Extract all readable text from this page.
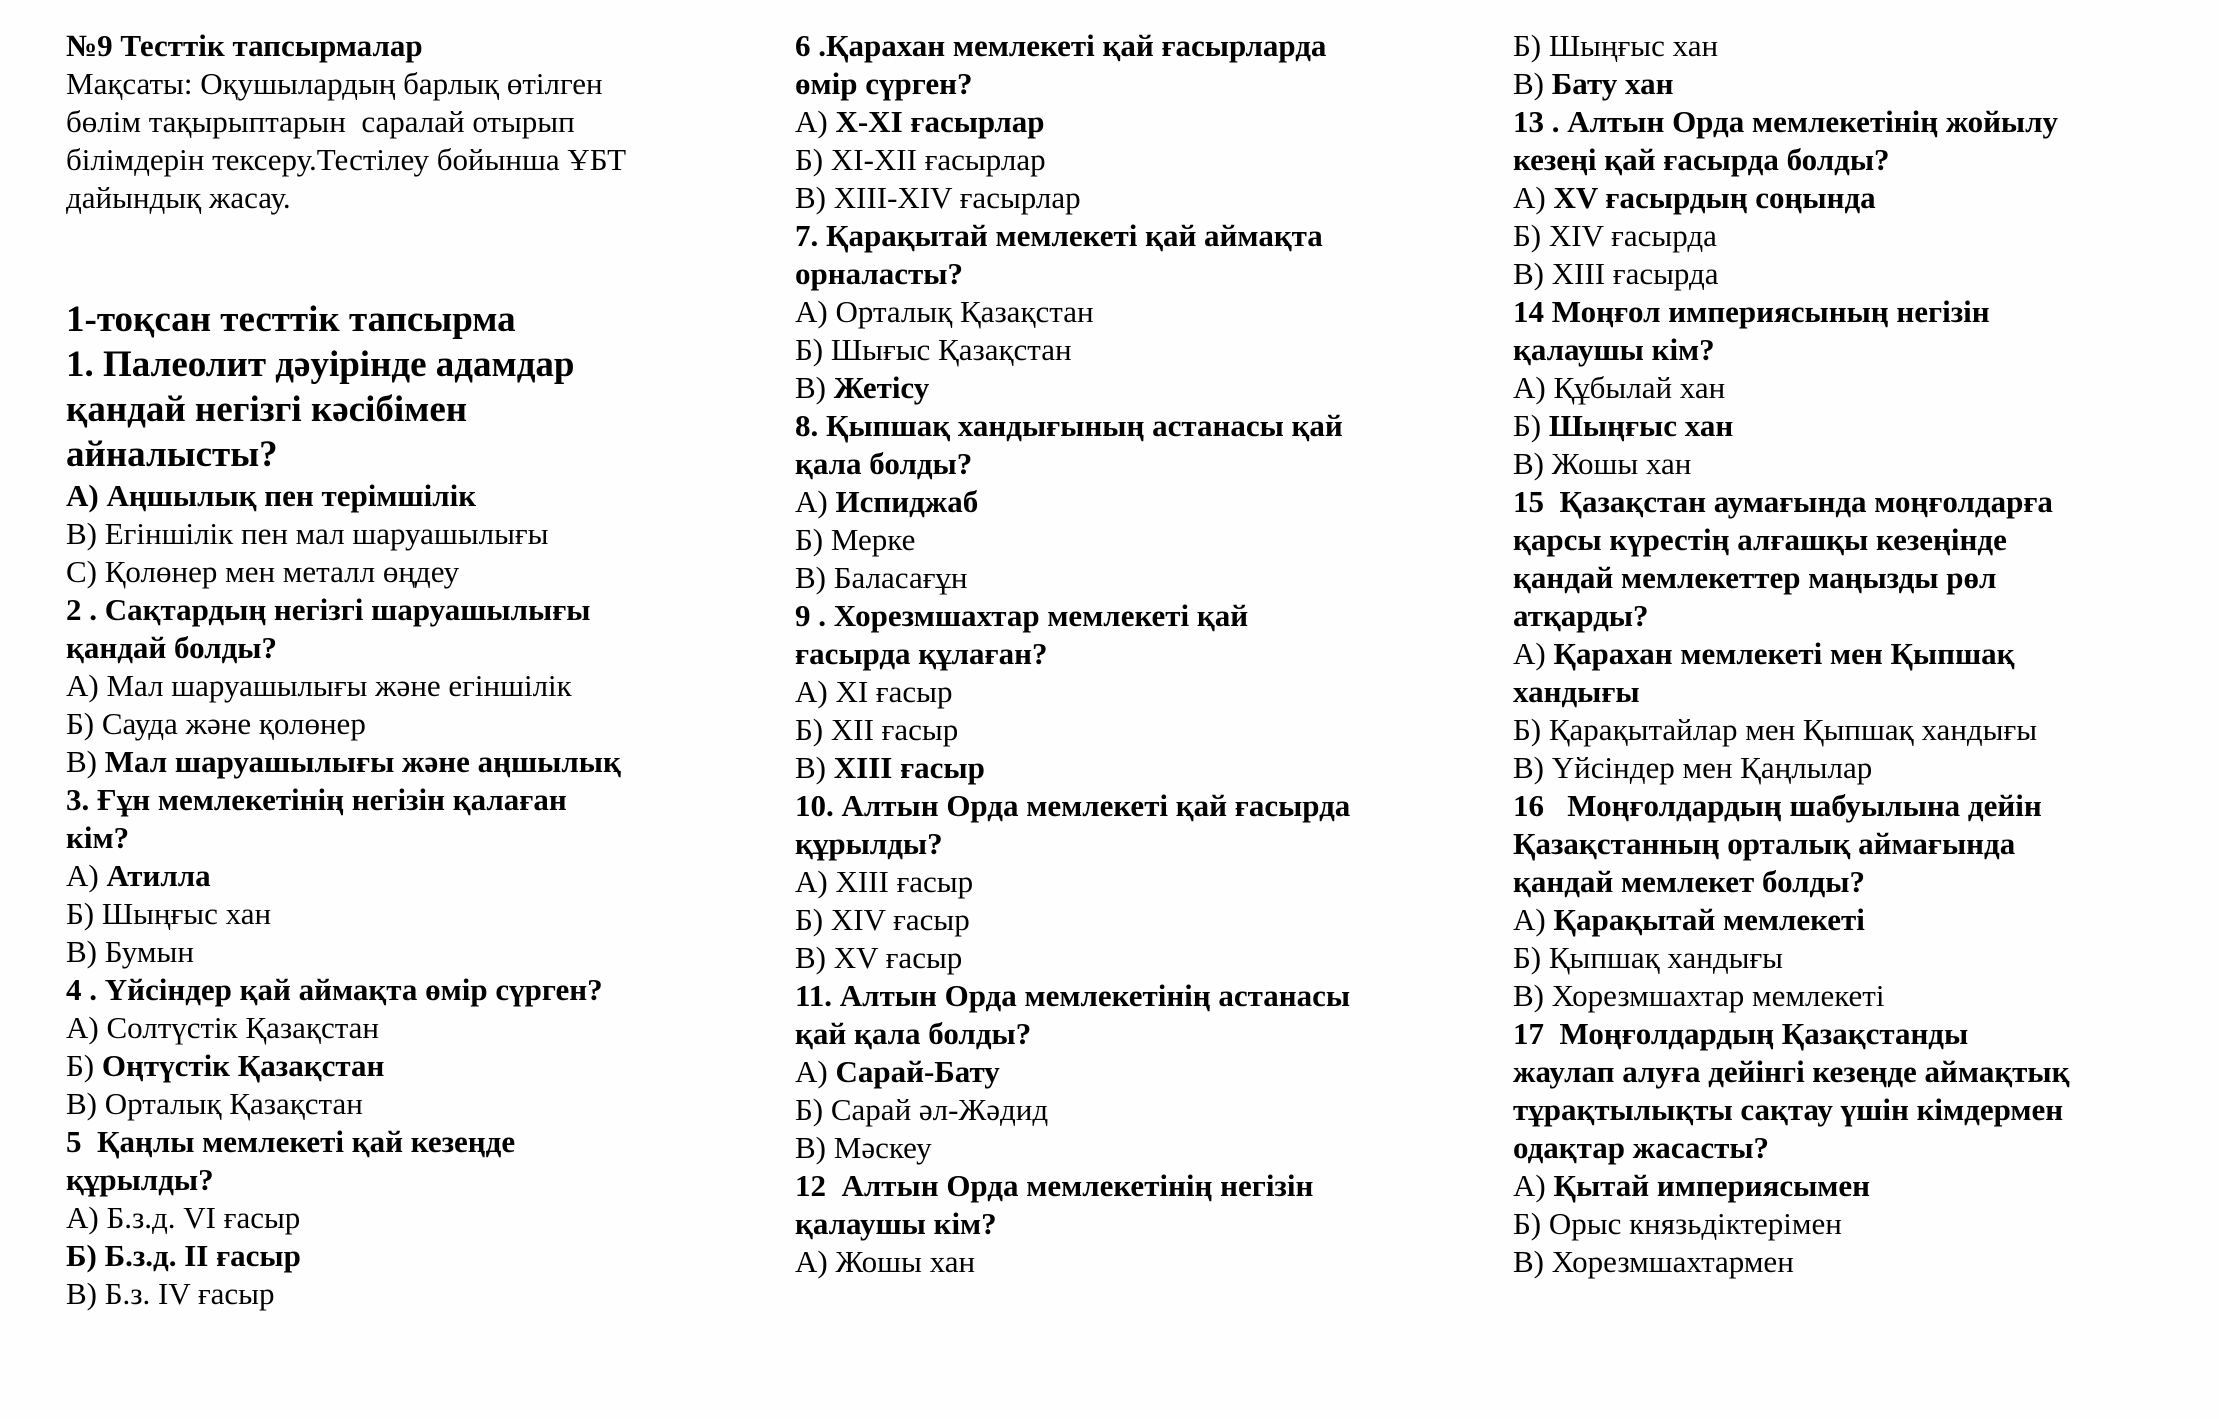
№9 Тесттік тапсырмалар
Мақсаты: Оқушылардың барлық өтілген
бөлім тақырыптарын  саралай отырып
білімдерін тексеру.Тестілеу бойынша ҰБТ
дайындық жасау.
1-тоқсан тесттік тапсырма
1. Палеолит дәуірінде адамдар
қандай негізгі кәсібімен
айналысты?
А) Аңшылық пен терімшілік
В) Егіншілік пен мал шаруашылығы
С) Қолөнер мен металл өңдеу
2 . Сақтардың негізгі шаруашылығы
қандай болды?
А) Мал шаруашылығы және егіншілік
Б) Сауда және қолөнер
В) Мал шаруашылығы және аңшылық
3. Ғұн мемлекетінің негізін қалаған
кім?
А) Атилла
Б) Шыңғыс хан
В) Бумын
4 . Үйсіндер қай аймақта өмір сүрген?
А) Солтүстік Қазақстан
Б) Оңтүстік Қазақстан
В) Орталық Қазақстан
5  Қаңлы мемлекеті қай кезеңде
құрылды?
А) Б.з.д. VI ғасыр
Б) Б.з.д. II ғасыр
В) Б.з. IV ғасыр
6 .Қарахан мемлекеті қай ғасырларда
өмір сүрген?
А) X-XI ғасырлар
Б) XI-XII ғасырлар
В) XIII-XIV ғасырлар
7. Қарақытай мемлекеті қай аймақта
орналасты?
А) Орталық Қазақстан
Б) Шығыс Қазақстан
В) Жетісу
8. Қыпшақ хандығының астанасы қай
қала болды?
А) Испиджаб
Б) Мерке
В) Баласағұн
9 . Хорезмшахтар мемлекеті қай
ғасырда құлаған?
А) XI ғасыр
Б) XII ғасыр
В) XIII ғасыр
10. Алтын Орда мемлекеті қай ғасырда
құрылды?
А) XIII ғасыр
Б) XIV ғасыр
В) XV ғасыр
11. Алтын Орда мемлекетінің астанасы
қай қала болды?
А) Сарай-Бату
Б) Сарай әл-Жәдид
В) Мәскеу
12  Алтын Орда мемлекетінің негізін
қалаушы кім?
А) Жошы хан
Б) Шыңғыс хан
В) Бату хан
13 . Алтын Орда мемлекетінің жойылу
кезеңі қай ғасырда болды?
А) XV ғасырдың соңында
Б) XIV ғасырда
В) XIII ғасырда
14 Моңғол империясының негізін
қалаушы кім?
А) Құбылай хан
Б) Шыңғыс хан
В) Жошы хан
15  Қазақстан аумағында моңғолдарға
қарсы күрестің алғашқы кезеңінде
қандай мемлекеттер маңызды рөл
атқарды?
А) Қарахан мемлекеті мен Қыпшақ
хандығы
Б) Қарақытайлар мен Қыпшақ хандығы
В) Үйсіндер мен Қаңлылар
16   Моңғолдардың шабуылына дейін
Қазақстанның орталық аймағында
қандай мемлекет болды?
А) Қарақытай мемлекеті
Б) Қыпшақ хандығы
В) Хорезмшахтар мемлекеті
17  Моңғолдардың Қазақстанды
жаулап алуға дейінгі кезеңде аймақтық
тұрақтылықты сақтау үшін кімдермен
одақтар жасасты?
А) Қытай империясымен
Б) Орыс князьдіктерімен
В) Хорезмшахтармен
